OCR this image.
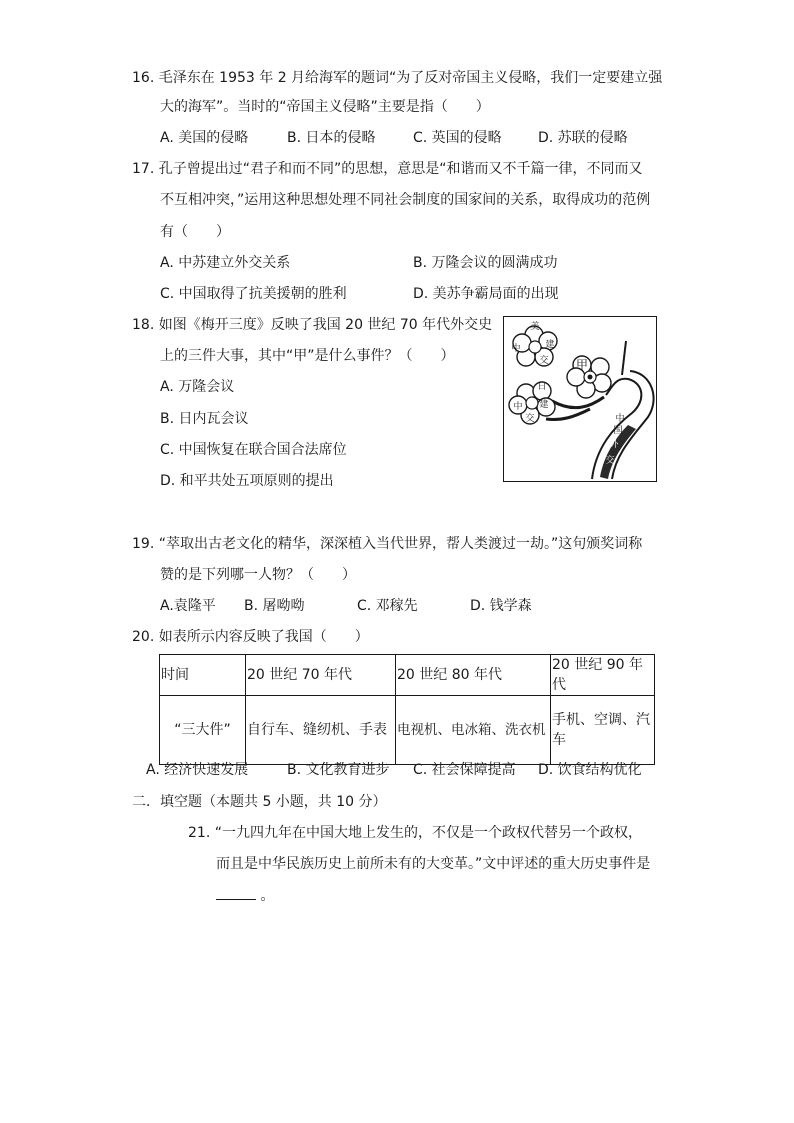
16. 毛泽东在 1953 年 2 月给海军的题词“为了反对帝国主义侵略，我们一定要建立强
大的海军”。当时的“帝国主义侵略”主要是指（　　）
A. 美国的侵略	B. 日本的侵略	C. 英国的侵略	D. 苏联的侵略
17. 孔子曾提出过“君子和而不同”的思想，意思是“和谐而又不千篇一律，不同而又
不互相冲突，”运用这种思想处理不同社会制度的国家间的关系，取得成功的范例
有（　　）
A. 中苏建立外交关系	B. 万隆会议的圆满成功
C. 中国取得了抗美援朝的胜利	D. 美苏争霸局面的出现
18. 如图《梅开三度》反映了我国 20 世纪 70 年代外交史
上的三件大事，其中“甲”是什么事件？（　　）
A. 万隆会议
B. 日内瓦会议
C. 中国恢复在联合国合法席位
D. 和平共处五项原则的提出
美
中	建
交 甲
日
中 建
交	中
国
外
交
19. “萃取出古老文化的精华，深深植入当代世界，帮人类渡过一劫。”这句颁奖词称
赞的是下列哪一人物？（　　）
A.袁隆平 B. 屠呦呦	C. 邓稼先	D. 钱学森
20. 如表所示内容反映了我国（　　）
时间	20 世纪 70 年代	20 世纪 80 年代	20 世纪 90 年代
“三大件”	自行车、缝纫机、手表	电视机、电冰箱、洗衣机	手机、空调、汽车
A. 经济快速发展	B. 文化教育进步 C. 社会保障提高 D. 饮食结构优化
二．填空题（本题共 5 小题，共 10 分）
21. “一九四九年在中国大地上发生的，不仅是一个政权代替另一个政权，
而且是中华民族历史上前所未有的大变革。”文中评述的重大历史事件是
。
